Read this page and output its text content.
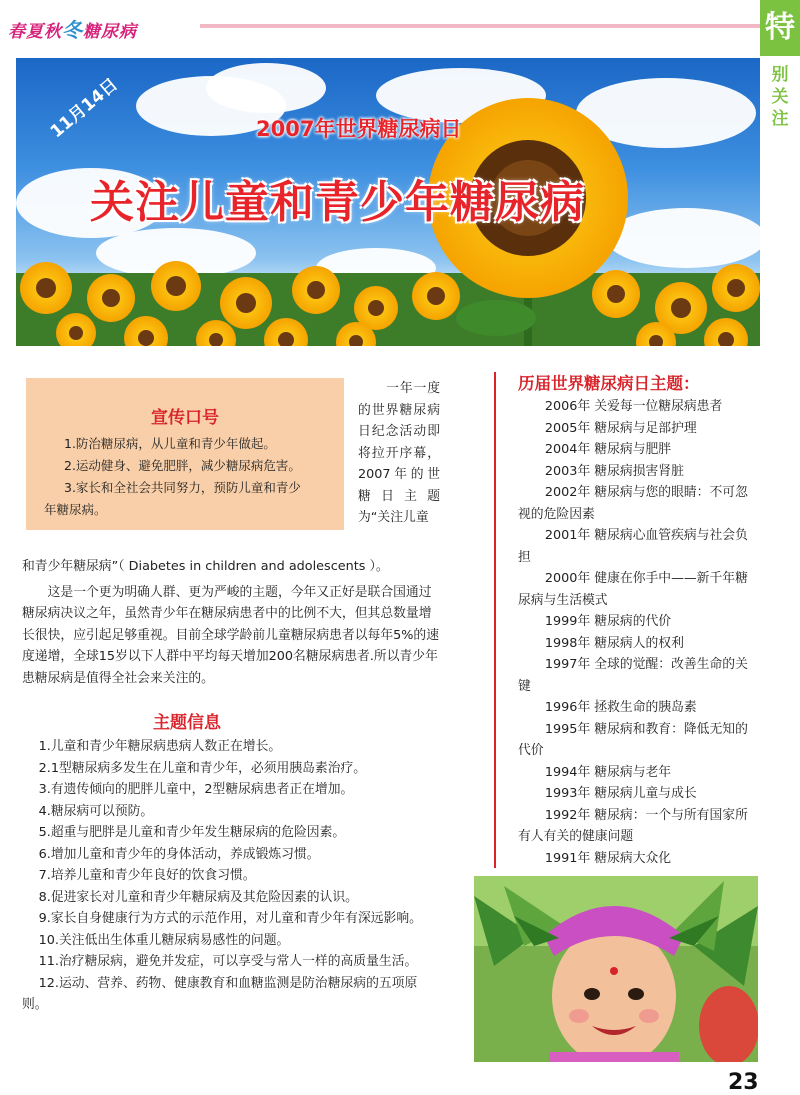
春夏秋冬糖尿病	特
别关注
11月14日	2007年世界糖尿病日
关注儿童和青少年糖尿病
宣传口号
1.防治糖尿病，从儿童和青少年做起。
2.运动健身、避免肥胖，减少糖尿病危害。
3.家长和全社会共同努力，预防儿童和青少
年糖尿病。
一年一度的世界糖尿病日纪念活动即将拉开序幕，2007年的世糖日主题为“关注儿童

和青少年糖尿病”（ Diabetes in children and adolescents ）。

这是一个更为明确人群、更为严峻的主题，今年又正好是联合国通过糖尿病决议之年，虽然青少年在糖尿病患者中的比例不大，但其总数量增长很快，应引起足够重视。目前全球学龄前儿童糖尿病患者以每年5%的速度递增，全球15岁以下人群中平均每天增加200名糖尿病患者.所以青少年患糖尿病是值得全社会来关注的。

主题信息
1.儿童和青少年糖尿病患病人数正在增长。
2.1型糖尿病多发生在儿童和青少年，必须用胰岛素治疗。
3.有遗传倾向的肥胖儿童中，2型糖尿病患者正在增加。
4.糖尿病可以预防。
5.超重与肥胖是儿童和青少年发生糖尿病的危险因素。
6.增加儿童和青少年的身体活动，养成锻炼习惯。
7.培养儿童和青少年良好的饮食习惯。
8.促进家长对儿童和青少年糖尿病及其危险因素的认识。
9.家长自身健康行为方式的示范作用，对儿童和青少年有深远影响。
10.关注低出生体重儿糖尿病易感性的问题。
11.治疗糖尿病，避免并发症，可以享受与常人一样的高质量生活。
12.运动、营养、药物、健康教育和血糖监测是防治糖尿病的五项原则。
历届世界糖尿病日主题：
2006年 关爱每一位糖尿病患者
2005年 糖尿病与足部护理
2004年 糖尿病与肥胖
2003年 糖尿病损害肾脏
2002年 糖尿病与您的眼睛：不可忽视的危险因素
2001年 糖尿病心血管疾病与社会负担
2000年 健康在你手中——新千年糖尿病与生活模式
1999年 糖尿病的代价
1998年 糖尿病人的权利
1997年 全球的觉醒：改善生命的关键
1996年 拯救生命的胰岛素
1995年 糖尿病和教育：降低无知的代价
1994年 糖尿病与老年
1993年 糖尿病儿童与成长
1992年 糖尿病：一个与所有国家所有人有关的健康问题
1991年 糖尿病大众化
23
